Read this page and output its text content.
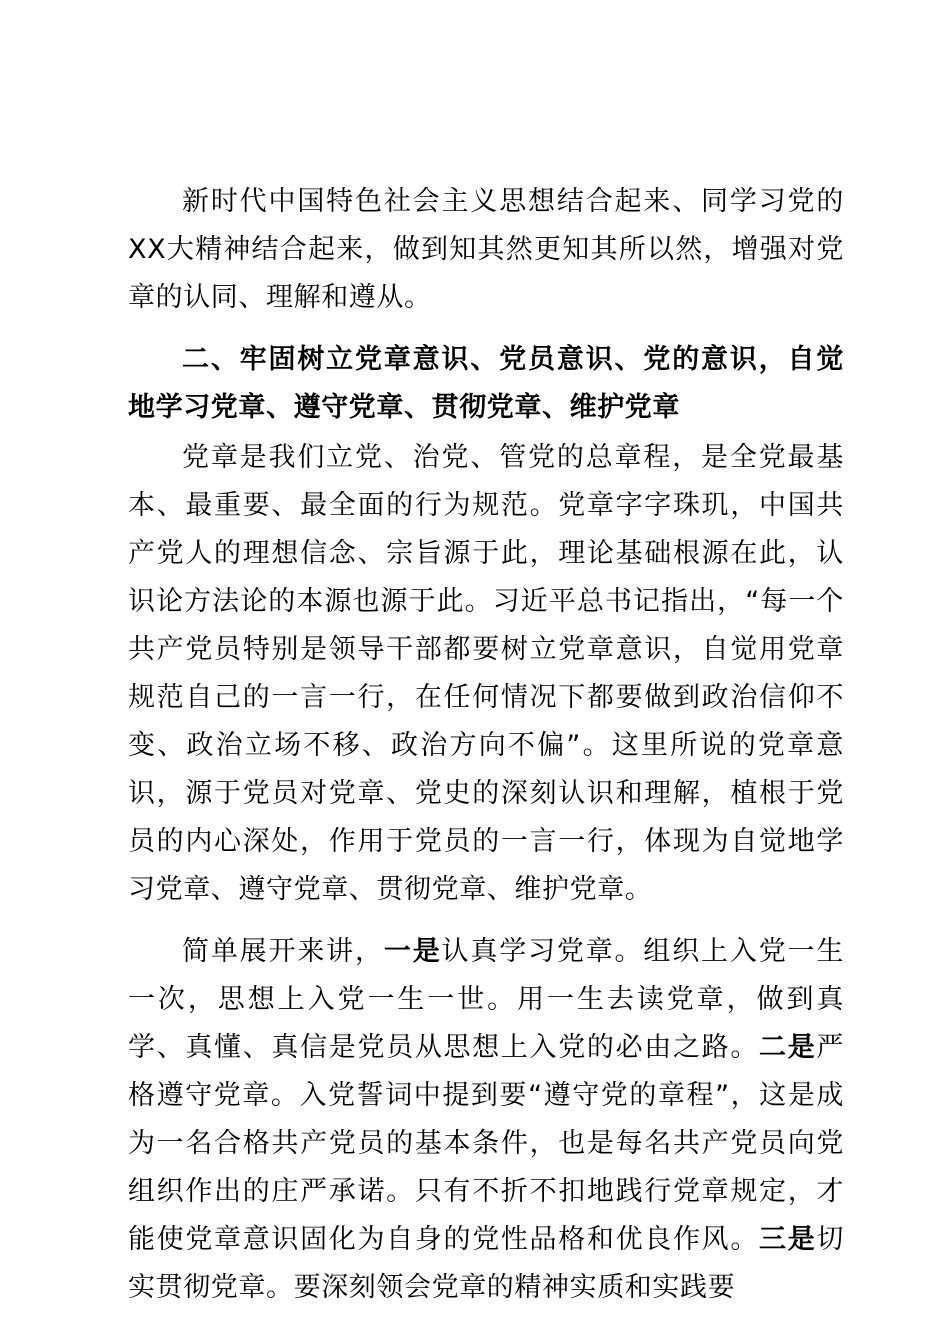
新时代中国特色社会主义思想结合起来、同学习党的XX大精神结合起来，做到知其然更知其所以然，增强对党章的认同、理解和遵从。

二、牢固树立党章意识、党员意识、党的意识，自觉地学习党章、遵守党章、贯彻党章、维护党章

党章是我们立党、治党、管党的总章程，是全党最基本、最重要、最全面的行为规范。党章字字珠玑，中国共产党人的理想信念、宗旨源于此，理论基础根源在此，认识论方法论的本源也源于此。习近平总书记指出，“每一个共产党员特别是领导干部都要树立党章意识，自觉用党章规范自己的一言一行，在任何情况下都要做到政治信仰不变、政治立场不移、政治方向不偏”。这里所说的党章意识，源于党员对党章、党史的深刻认识和理解，植根于党员的内心深处，作用于党员的一言一行，体现为自觉地学习党章、遵守党章、贯彻党章、维护党章。

简单展开来讲，一是认真学习党章。组织上入党一生一次，思想上入党一生一世。用一生去读党章，做到真学、真懂、真信是党员从思想上入党的必由之路。二是严格遵守党章。入党誓词中提到要“遵守党的章程”，这是成为一名合格共产党员的基本条件，也是每名共产党员向党组织作出的庄严承诺。只有不折不扣地践行党章规定，才能使党章意识固化为自身的党性品格和优良作风。三是切实贯彻党章。要深刻领会党章的精神实质和实践要
